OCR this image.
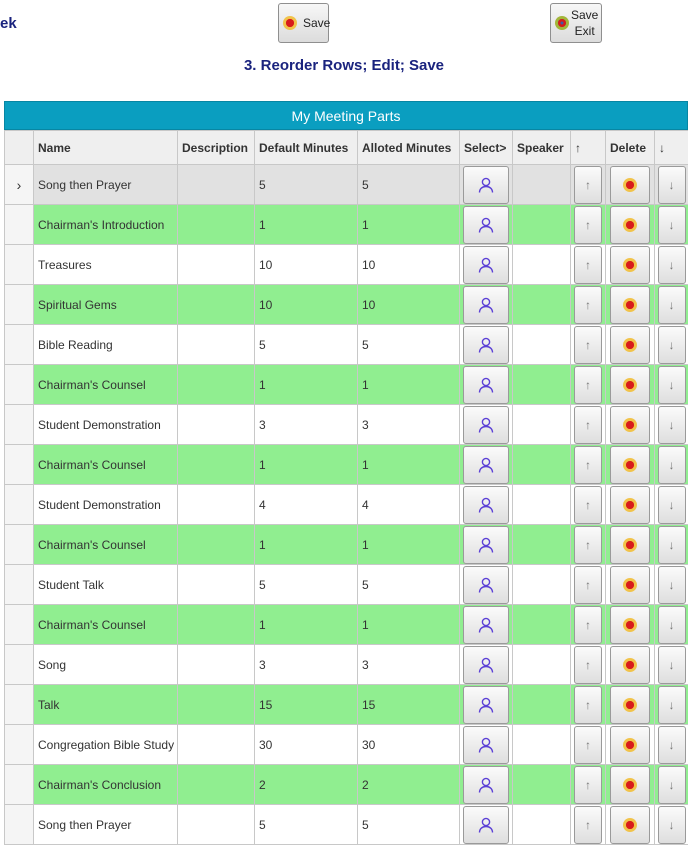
ek	Save
Save
Exit
3. Reorder Rows; Edit; Save
My Meeting Parts
	Name	Description	Default Minutes	Alloted Minutes	Select>	Speaker	↑	Delete	↓
›	Song then Prayer		5	5			↑		↓

	Chairman's Introduction		1	1			↑		↓

	Treasures		10	10			↑		↓

	Spiritual Gems		10	10			↑		↓

	Bible Reading		5	5			↑		↓

	Chairman's Counsel		1	1			↑		↓

	Student Demonstration		3	3			↑		↓

	Chairman's Counsel		1	1			↑		↓

	Student Demonstration		4	4			↑		↓

	Chairman's Counsel		1	1			↑		↓

	Student Talk		5	5			↑		↓

	Chairman's Counsel		1	1			↑		↓

	Song		3	3			↑		↓

	Talk		15	15			↑		↓

	Congregation Bible Study		30	30			↑		↓

	Chairman's Conclusion		2	2			↑		↓

	Song then Prayer		5	5			↑		↓
